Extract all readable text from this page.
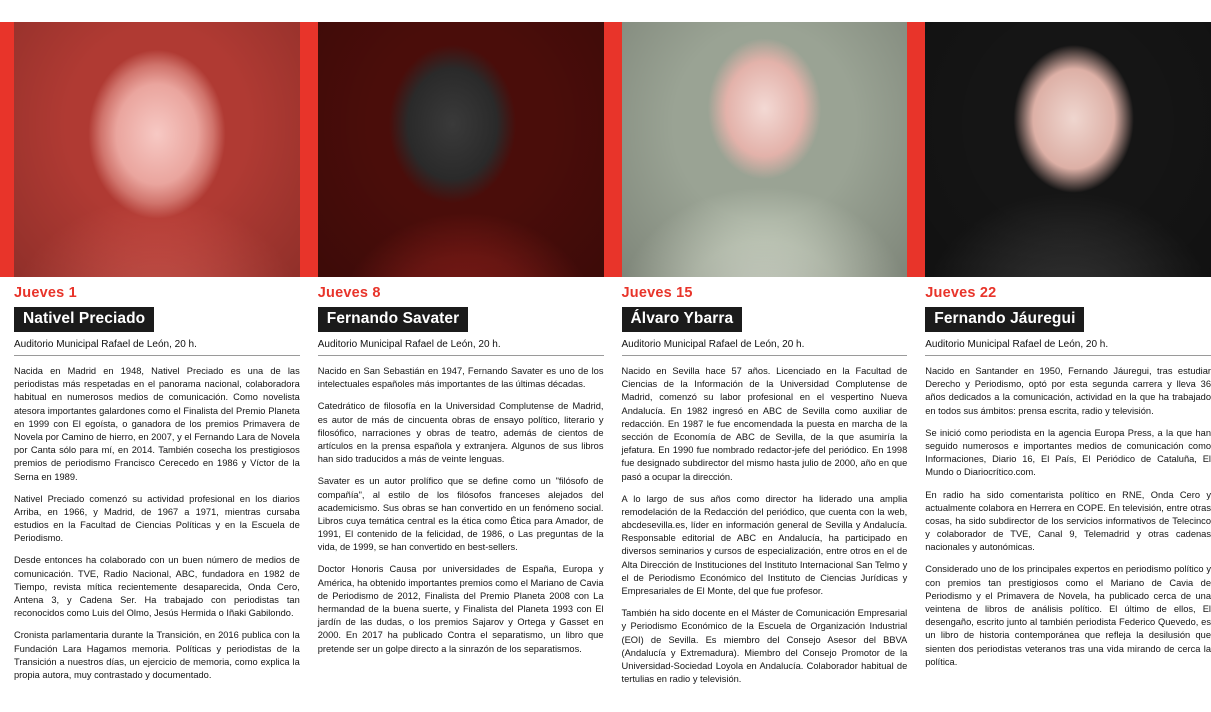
Jueves 1
Nativel Preciado
Auditorio Municipal Rafael de León, 20 h.

Nacida en Madrid en 1948, Nativel Preciado es una de las periodistas más respetadas en el panorama nacional, colaboradora habitual en numerosos medios de comunicación. Como novelista atesora importantes galardones como el Finalista del Premio Planeta en 1999 con El egoísta, o ganadora de los premios Primavera de Novela por Camino de hierro, en 2007, y el Fernando Lara de Novela por Canta sólo para mí, en 2014. También cosecha los prestigiosos premios de periodismo Francisco Cerecedo en 1986 y Víctor de la Serna en 1989.

Nativel Preciado comenzó su actividad profesional en los diarios Arriba, en 1966, y Madrid, de 1967 a 1971, mientras cursaba estudios en la Facultad de Ciencias Políticas y en la Escuela de Periodismo.

Desde entonces ha colaborado con un buen número de medios de comunicación. TVE, Radio Nacional, ABC, fundadora en 1982 de Tiempo, revista mítica recientemente desaparecida, Onda Cero, Antena 3, y Cadena Ser. Ha trabajado con periodistas tan reconocidos como Luis del Olmo, Jesús Hermida o Iñaki Gabilondo.

Cronista parlamentaria durante la Transición, en 2016 publica con la Fundación Lara Hagamos memoria. Políticas y periodistas de la Transición a nuestros días, un ejercicio de memoria, como explica la propia autora, muy contrastado y documentado.

Jueves 8
Fernando Savater
Auditorio Municipal Rafael de León, 20 h.

Nacido en San Sebastián en 1947, Fernando Savater es uno de los intelectuales españoles más importantes de las últimas décadas.

Catedrático de filosofía en la Universidad Complutense de Madrid, es autor de más de cincuenta obras de ensayo político, literario y filosófico, narraciones y obras de teatro, además de cientos de artículos en la prensa española y extranjera. Algunos de sus libros han sido traducidos a más de veinte lenguas.

Savater es un autor prolífico que se define como un "filósofo de compañía", al estilo de los filósofos franceses alejados del academicismo. Sus obras se han convertido en un fenómeno social. Libros cuya temática central es la ética como Ética para Amador, de 1991, El contenido de la felicidad, de 1986, o Las preguntas de la vida, de 1999, se han convertido en best-sellers.

Doctor Honoris Causa por universidades de España, Europa y América, ha obtenido importantes premios como el Mariano de Cavia de Periodismo de 2012, Finalista del Premio Planeta 2008 con La hermandad de la buena suerte, y Finalista del Planeta 1993 con El jardín de las dudas, o los premios Sajarov y Ortega y Gasset en 2000. En 2017 ha publicado Contra el separatismo, un libro que pretende ser un golpe directo a la sinrazón de los separatismos.

Jueves 15
Álvaro Ybarra
Auditorio Municipal Rafael de León, 20 h.

Nacido en Sevilla hace 57 años. Licenciado en la Facultad de Ciencias de la Información de la Universidad Complutense de Madrid, comenzó su labor profesional en el vespertino Nueva Andalucía. En 1982 ingresó en ABC de Sevilla como auxiliar de redacción. En 1987 le fue encomendada la puesta en marcha de la sección de Economía de ABC de Sevilla, de la que asumiría la jefatura. En 1990 fue nombrado redactor-jefe del periódico. En 1998 fue designado subdirector del mismo hasta julio de 2000, año en que pasó a ocupar la dirección.

A lo largo de sus años como director ha liderado una amplia remodelación de la Redacción del periódico, que cuenta con la web, abcdesevilla.es, líder en información general de Sevilla y Andalucía. Responsable editorial de ABC en Andalucía, ha participado en diversos seminarios y cursos de especialización, entre otros en el de Alta Dirección de Instituciones del Instituto Internacional San Telmo y el de Periodismo Económico del Instituto de Ciencias Jurídicas y Empresariales de El Monte, del que fue profesor.

También ha sido docente en el Máster de Comunicación Empresarial y Periodismo Económico de la Escuela de Organización Industrial (EOI) de Sevilla. Es miembro del Consejo Asesor del BBVA (Andalucía y Extremadura). Miembro del Consejo Promotor de la Universidad-Sociedad Loyola en Andalucía. Colaborador habitual de tertulias en radio y televisión.

Jueves 22
Fernando Jáuregui
Auditorio Municipal Rafael de León, 20 h.

Nacido en Santander en 1950, Fernando Jáuregui, tras estudiar Derecho y Periodismo, optó por esta segunda carrera y lleva 36 años dedicados a la comunicación, actividad en la que ha trabajado en todos sus ámbitos: prensa escrita, radio y televisión.

Se inició como periodista en la agencia Europa Press, a la que han seguido numerosos e importantes medios de comunicación como Informaciones, Diario 16, El País, El Periódico de Cataluña, El Mundo o Diariocrítico.com.

En radio ha sido comentarista político en RNE, Onda Cero y actualmente colabora en Herrera en COPE. En televisión, entre otras cosas, ha sido subdirector de los servicios informativos de Telecinco y colaborador de TVE, Canal 9, Telemadrid y otras cadenas nacionales y autonómicas.

Considerado uno de los principales expertos en periodismo político y con premios tan prestigiosos como el Mariano de Cavia de Periodismo y el Primavera de Novela, ha publicado cerca de una veintena de libros de análisis político. El último de ellos, El desengaño, escrito junto al también periodista Federico Quevedo, es un libro de historia contemporánea que refleja la desilusión que sienten dos periodistas veteranos tras una vida mirando de cerca la política.
